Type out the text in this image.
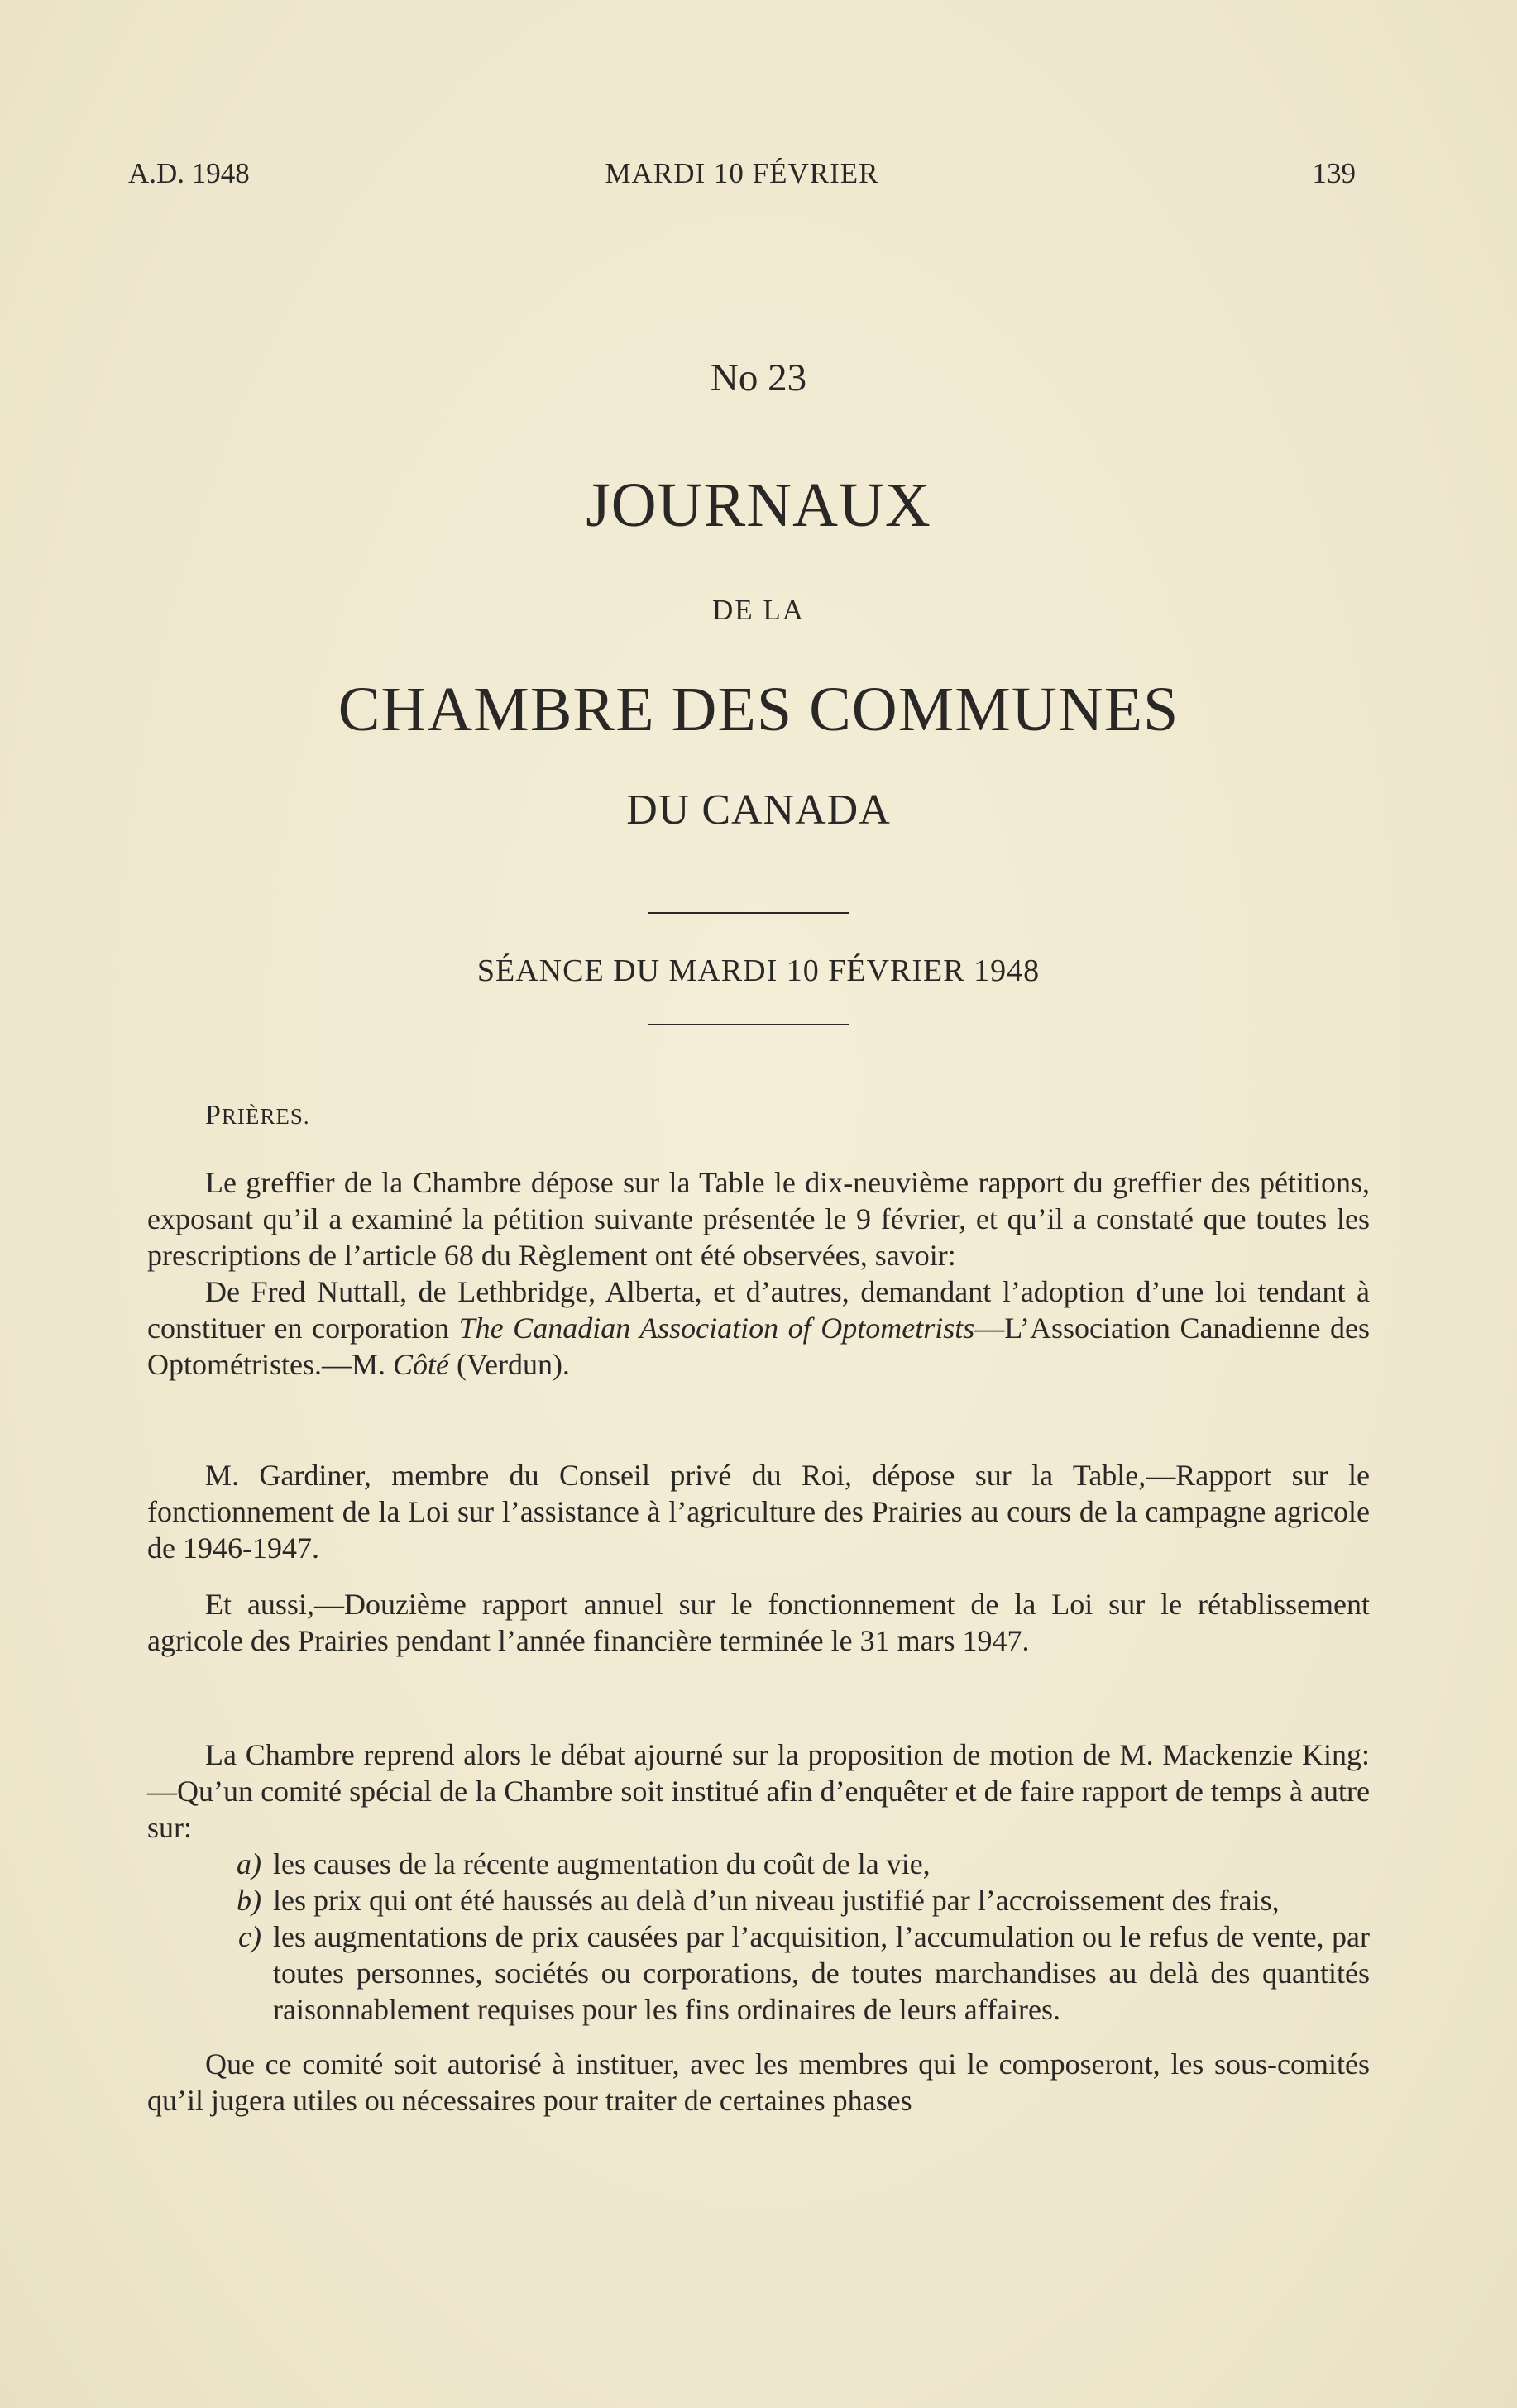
A.D. 1948	MARDI 10 FÉVRIER	139
No 23
JOURNAUX
DE LA
CHAMBRE DES COMMUNES
DU CANADA
SÉANCE DU MARDI 10 FÉVRIER 1948
PRIÈRES.

Le greffier de la Chambre dépose sur la Table le dix-neuvième rapport du greffier des pétitions, exposant qu’il a examiné la pétition suivante présentée le 9 février, et qu’il a constaté que toutes les prescriptions de l’article 68 du Règlement ont été observées, savoir:

De Fred Nuttall, de Lethbridge, Alberta, et d’autres, demandant l’adoption d’une loi tendant à constituer en corporation The Canadian Association of Optometrists—L’Association Canadienne des Optométristes.—M. Côté (Verdun).

M. Gardiner, membre du Conseil privé du Roi, dépose sur la Table,—Rapport sur le fonctionnement de la Loi sur l’assistance à l’agriculture des Prairies au cours de la campagne agricole de 1946-1947.

Et aussi,—Douzième rapport annuel sur le fonctionnement de la Loi sur le rétablissement agricole des Prairies pendant l’année financière terminée le 31 mars 1947.

La Chambre reprend alors le débat ajourné sur la proposition de motion de M. Mackenzie King:—Qu’un comité spécial de la Chambre soit institué afin d’enquêter et de faire rapport de temps à autre sur:

a) les causes de la récente augmentation du coût de la vie,
b) les prix qui ont été haussés au delà d’un niveau justifié par l’accroissement des frais,
c) les augmentations de prix causées par l’acquisition, l’accumulation ou le refus de vente, par toutes personnes, sociétés ou corporations, de toutes marchandises au delà des quantités raisonnablement requises pour les fins ordinaires de leurs affaires.

Que ce comité soit autorisé à instituer, avec les membres qui le composeront, les sous-comités qu’il jugera utiles ou nécessaires pour traiter de certaines phases
